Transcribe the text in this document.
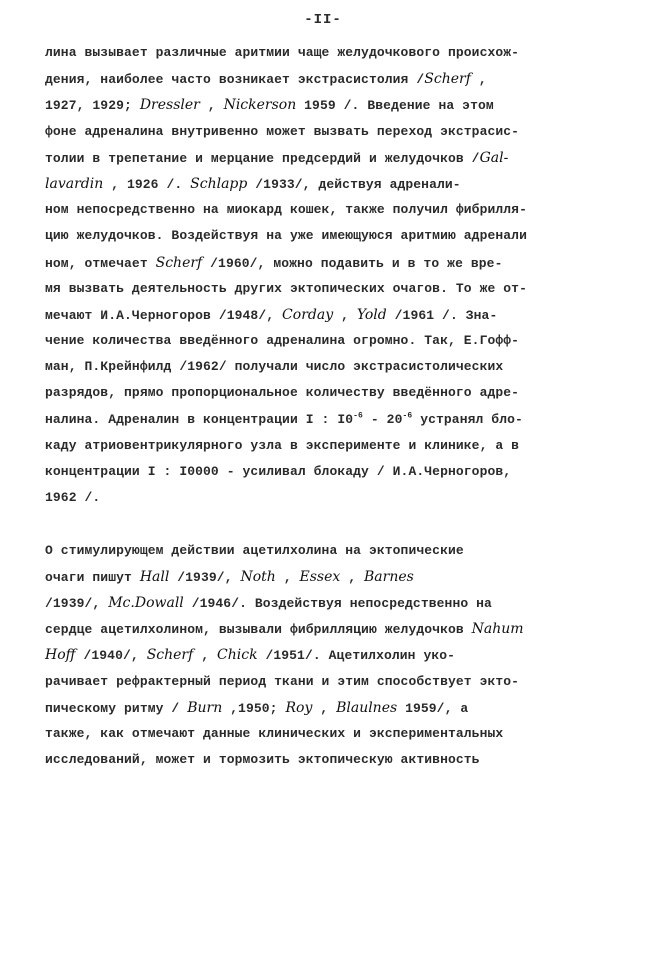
-II-
лина вызывает различные аритмии чаще желудочкового происхож-
дения, наиболее часто возникает экстрасистолия /Scherf ,
1927, 1929; Dressler , Nickerson 1959 /. Введение на этом
фоне адреналина внутривенно может вызвать переход экстрасис-
толии в трепетание и мерцание предсердий и желудочков /Gal-
lavardin , 1926 /. Schlapp /1933/, действуя адренали-
ном непосредственно на миокард кошек, также получил фибрилля-
цию желудочков. Воздействуя на уже имеющуюся аритмию адренали
ном, отмечает Scherf /1960/, можно подавить и в то же вре-
мя вызвать деятельность других эктопических очагов. То же от-
мечают И.А.Черногоров /1948/, Corday , Yold /1961 /. Зна-
чение количества введённого адреналина огромно. Так, Е.Гофф-
ман, П.Крейнфилд /1962/ получали число экстрасистолических
разрядов, прямо пропорциональное количеству введённого адре-
налина. Адреналин в концентрации I : $I0^{-6} - 20^{-6}$ устранял бло-
каду атриовентрикулярного узла в эксперименте и клинике, а в
концентрации I : I0000 - усиливал блокаду / И.А.Черногоров,
1962 /.
О стимулирующем действии ацетилхолина на эктопические
очаги пишут Hall /1939/, Noth , Essex , Barnes
/1939/, Mc.Dowall /1946/. Воздействуя непосредственно на
сердце ацетилхолином, вызывали фибрилляцию желудочков Nahum
Hoff /1940/, Scherf , Chick /1951/. Ацетилхолин уко-
рачивает рефрактерный период ткани и этим способствует экто-
пическому ритму / Burn ,1950; Roy , Blaulnes 1959/, а
также, как отмечают данные клинических и экспериментальных
исследований, может и тормозить эктопическую активность
